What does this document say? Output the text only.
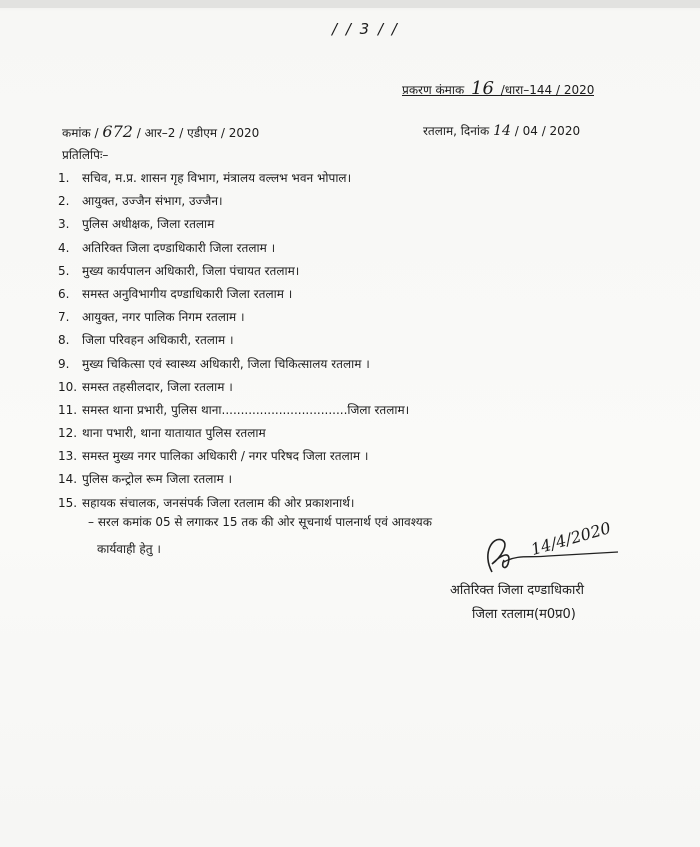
/ / 3 / /
प्रकरण कंमाक 16 /धारा–144 / 2020
कमांक / 672 / आर–2 / एडीएम / 2020	रतलाम, दिनांक 14 / 04 / 2020
प्रतिलिपिः–
1. सचिव, म.प्र. शासन गृह विभाग, मंत्रालय वल्लभ भवन भोपाल।
2. आयुक्त, उज्जैन संभाग, उज्जैन।
3. पुलिस अधीक्षक, जिला रतलाम
4. अतिरिक्त जिला दण्डाधिकारी जिला रतलाम ।
5. मुख्य कार्यपालन अधिकारी, जिला पंचायत रतलाम।
6. समस्त अनुविभागीय दण्डाधिकारी जिला रतलाम ।
7. आयुक्त, नगर पालिक निगम रतलाम ।
8. जिला परिवहन अधिकारी, रतलाम ।
9. मुख्य चिकित्सा एवं स्वास्थ्य अधिकारी, जिला चिकित्सालय रतलाम ।
10. समस्त तहसीलदार, जिला रतलाम ।
11. समस्त थाना प्रभारी, पुलिस थाना.................................जिला रतलाम।
12. थाना पभारी, थाना यातायात पुलिस रतलाम
13. समस्त मुख्य नगर पालिका अधिकारी / नगर परिषद जिला रतलाम ।
14. पुलिस कन्ट्रोल रूम जिला रतलाम ।
15. सहायक संचालक, जनसंपर्क जिला रतलाम की ओर प्रकाशनार्थ।
– सरल कमांक 05 से लगाकर 15 तक की ओर सूचनार्थ पालनार्थ एवं आवश्यक
कार्यवाही हेतु ।	14/4/2020
अतिरिक्त जिला दण्डाधिकारी
जिला रतलाम(म0प्र0)
